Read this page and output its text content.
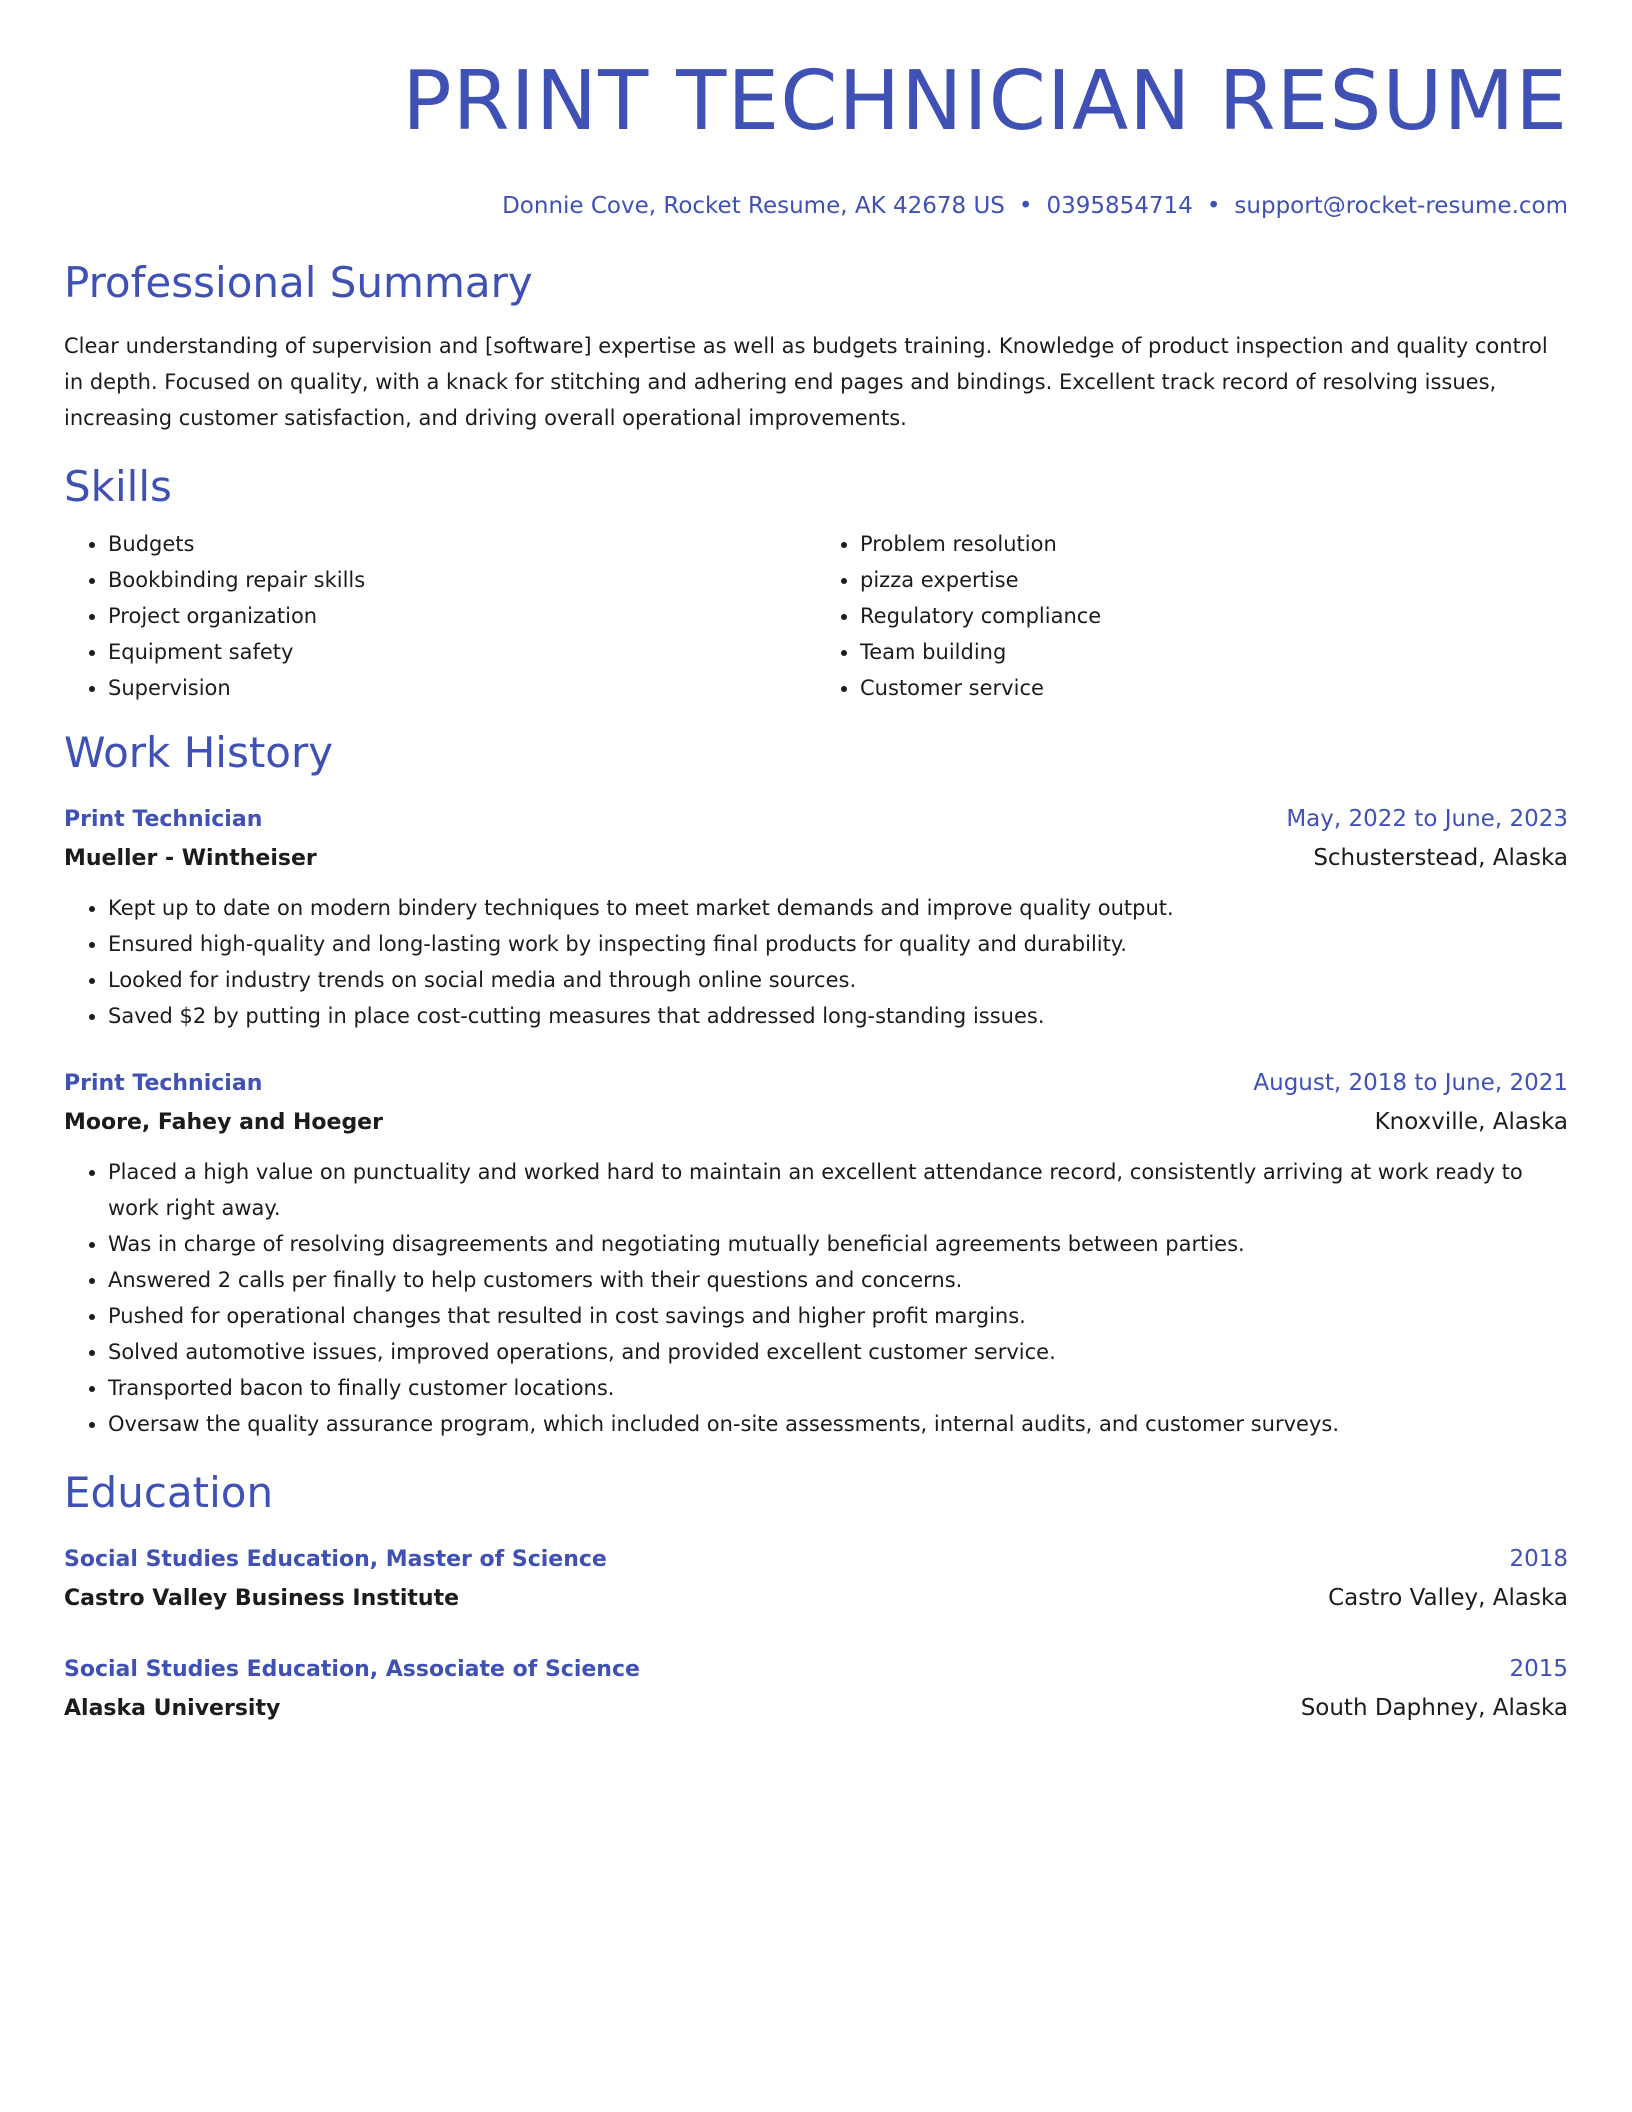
PRINT TECHNICIAN RESUME
Donnie Cove, Rocket Resume, AK 42678 US • 0395854714 • support@rocket-resume.com
Professional Summary
Clear understanding of supervision and [software] expertise as well as budgets training. Knowledge of product inspection and quality control in depth. Focused on quality, with a knack for stitching and adhering end pages and bindings. Excellent track record of resolving issues, increasing customer satisfaction, and driving overall operational improvements.
Skills
• Budgets
• Bookbinding repair skills
• Project organization
• Equipment safety
• Supervision
• Problem resolution
• pizza expertise
• Regulatory compliance
• Team building
• Customer service
Work History
Print Technician	May, 2022 to June, 2023
Mueller - Wintheiser	Schusterstead, Alaska
• Kept up to date on modern bindery techniques to meet market demands and improve quality output.
• Ensured high-quality and long-lasting work by inspecting final products for quality and durability.
• Looked for industry trends on social media and through online sources.
• Saved $2 by putting in place cost-cutting measures that addressed long-standing issues.
Print Technician	August, 2018 to June, 2021
Moore, Fahey and Hoeger	Knoxville, Alaska
• Placed a high value on punctuality and worked hard to maintain an excellent attendance record, consistently arriving at work ready to work right away.
• Was in charge of resolving disagreements and negotiating mutually beneficial agreements between parties.
• Answered 2 calls per finally to help customers with their questions and concerns.
• Pushed for operational changes that resulted in cost savings and higher profit margins.
• Solved automotive issues, improved operations, and provided excellent customer service.
• Transported bacon to finally customer locations.
• Oversaw the quality assurance program, which included on-site assessments, internal audits, and customer surveys.
Education
Social Studies Education, Master of Science	2018
Castro Valley Business Institute	Castro Valley, Alaska
Social Studies Education, Associate of Science	2015
Alaska University	South Daphney, Alaska
